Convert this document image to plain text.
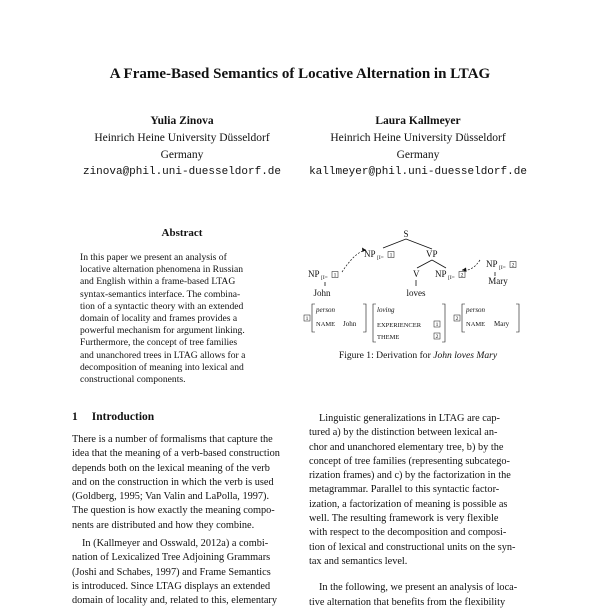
A Frame-Based Semantics of Locative Alternation in LTAG
Yulia Zinova
Heinrich Heine University Düsseldorf
Germany
zinova@phil.uni-duesseldorf.de
Laura Kallmeyer
Heinrich Heine University Düsseldorf
Germany
kallmeyer@phil.uni-duesseldorf.de
Abstract
In this paper we present an analysis of
locative alternation phenomena in Russian
and English within a frame-based LTAG
syntax-semantics interface. The combina-
tion of a syntactic theory with an extended
domain of locality and frames provides a
powerful mechanism for argument linking.
Furthermore, the concept of tree families
and unanchored trees in LTAG allows for a
decomposition of meaning into lexical and
constructional components.
S
NP [I= 1	VP
V NP [I= 2
loves
NP [I= 1
John
NP [I= 2
Mary
1
person
NAME John
loving
EXPERIENCER	1
THEME	2
2
person
NAME Mary
Figure 1: Derivation for John loves Mary
1 Introduction
There is a number of formalisms that capture the
idea that the meaning of a verb-based construction
depends both on the lexical meaning of the verb
and on the construction in which the verb is used
(Goldberg, 1995; Van Valin and LaPolla, 1997).
The question is how exactly the meaning compo-
nents are distributed and how they combine.
In (Kallmeyer and Osswald, 2012a) a combi-
nation of Lexicalized Tree Adjoining Grammars
(Joshi and Schabes, 1997) and Frame Semantics
is introduced. Since LTAG displays an extended
domain of locality and, related to this, elementary
Linguistic generalizations in LTAG are cap-
tured a) by the distinction between lexical an-
chor and unanchored elementary tree, b) by the
concept of tree families (representing subcatego-
rization frames) and c) by the factorization in the
metagrammar. Parallel to this syntactic factor-
ization, a factorization of meaning is possible as
well. The resulting framework is very flexible
with respect to the decomposition and composi-
tion of lexical and constructional units on the syn-
tax and semantics level.
In the following, we present an analysis of loca-
tive alternation that benefits from the flexibility
